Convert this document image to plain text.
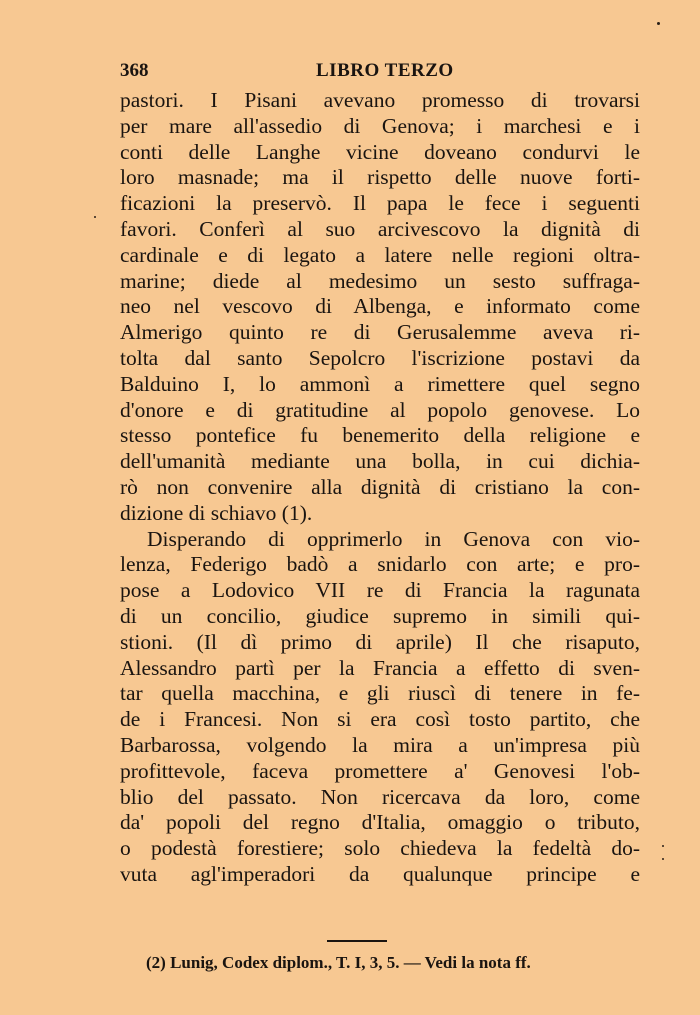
368	LIBRO TERZO
pastori. I Pisani avevano promesso di trovarsi
per mare all'assedio di Genova; i marchesi e i
conti delle Langhe vicine doveano condurvi le
loro masnade; ma il rispetto delle nuove forti-
ficazioni la preservò. Il papa le fece i seguenti
favori. Conferì al suo arcivescovo la dignità di
cardinale e di legato a latere nelle regioni oltra-
marine; diede al medesimo un sesto suffraga-
neo nel vescovo di Albenga, e informato come
Almerigo quinto re di Gerusalemme aveva ri-
tolta dal santo Sepolcro l'iscrizione postavi da
Balduino I, lo ammonì a rimettere quel segno
d'onore e di gratitudine al popolo genovese. Lo
stesso pontefice fu benemerito della religione e
dell'umanità mediante una bolla, in cui dichia-
rò non convenire alla dignità di cristiano la con-
dizione di schiavo (1).
Disperando di opprimerlo in Genova con vio-
lenza, Federigo badò a snidarlo con arte; e pro-
pose a Lodovico VII re di Francia la ragunata
di un concilio, giudice supremo in simili qui-
stioni. (Il dì primo di aprile) Il che risaputo,
Alessandro partì per la Francia a effetto di sven-
tar quella macchina, e gli riuscì di tenere in fe-
de i Francesi. Non si era così tosto partito, che
Barbarossa, volgendo la mira a un'impresa più
profittevole, faceva promettere a' Genovesi l'ob-
blio del passato. Non ricercava da loro, come
da' popoli del regno d'Italia, omaggio o tributo,
o podestà forestiere; solo chiedeva la fedeltà do-
vuta agl'imperadori da qualunque principe e
(2) Lunig, Codex diplom., T. I, 3, 5. — Vedi la nota ff.
